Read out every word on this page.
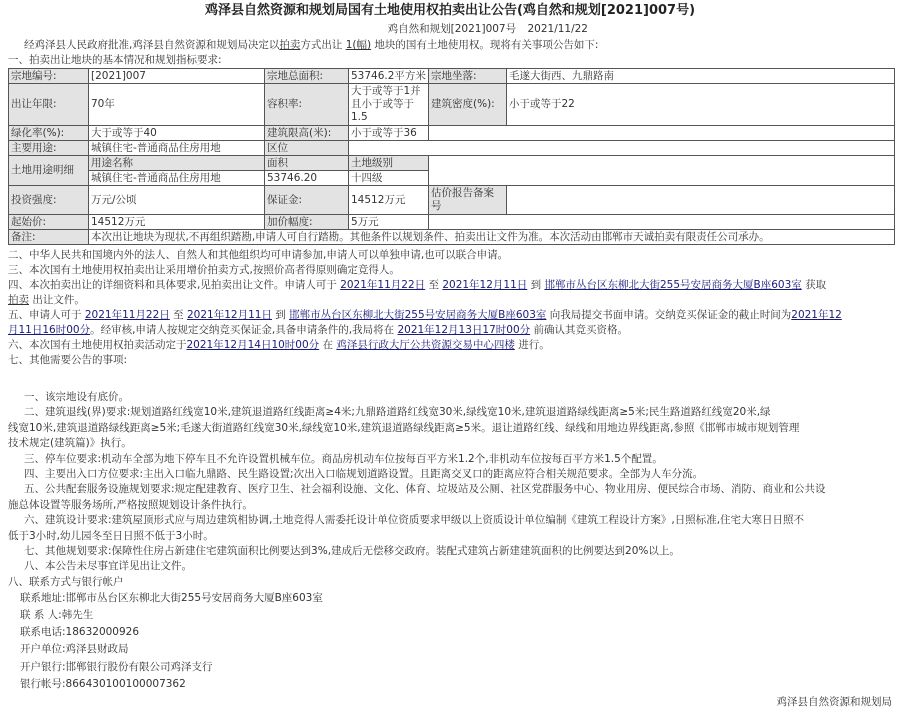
鸡泽县自然资源和规划局国有土地使用权拍卖出让公告(鸡自然和规划[2021]007号)
鸡自然和规划[2021]007号 2021/11/22
经鸡泽县人民政府批准,鸡泽县自然资源和规划局决定以拍卖方式出让 1(幅) 地块的国有土地使用权。现将有关事项公告如下:
一、拍卖出让地块的基本情况和规划指标要求:
宗地编号:	[2021]007	宗地总面积:	53746.2平方米	宗地坐落:	毛遂大街西、九鼎路南
出让年限:	70年	容积率:	大于或等于1并且小于或等于1.5	建筑密度(%):	小于或等于22
绿化率(%):	大于或等于40	建筑限高(米):	小于或等于36		
主要用途:	城镇住宅-普通商品住房用地	区位			
土地用途明细	用途名称	面积	土地级别		
	城镇住宅-普通商品住房用地	53746.20	十四级		
投资强度:	万元/公顷	保证金:	14512万元	估价报告备案号	
起始价:	14512万元	加价幅度:	5万元		
备注:	本次出让地块为现状,不再组织踏勘,申请人可自行踏勘。其他条件以规划条件、拍卖出让文件为准。本次活动由邯郸市天诚拍卖有限责任公司承办。				
二、中华人民共和国境内外的法人、自然人和其他组织均可申请参加,申请人可以单独申请,也可以联合申请。
三、本次国有土地使用权拍卖出让采用增价拍卖方式,按照价高者得原则确定竞得人。
四、本次拍卖出让的详细资料和具体要求,见拍卖出让文件。申请人可于 2021年11月22日 至 2021年12月11日 到 邯郸市丛台区东柳北大街255号安居商务大厦B座603室 获取
拍卖 出让文件。
五、申请人可于 2021年11月22日 至 2021年12月11日 到 邯郸市丛台区东柳北大街255号安居商务大厦B座603室 向我局提交书面申请。交纳竞买保证金的截止时间为2021年12
月11日16时00分。经审核,申请人按规定交纳竞买保证金,具备申请条件的,我局将在 2021年12月13日17时00分 前确认其竞买资格。
六、本次国有土地使用权拍卖活动定于2021年12月14日10时00分 在 鸡泽县行政大厅公共资源交易中心四楼 进行。
七、其他需要公告的事项:
一、该宗地设有底价。
二、建筑退线(界)要求:规划道路红线宽10米,建筑退道路红线距离≥4米;九鼎路道路红线宽30米,绿线宽10米,建筑退道路绿线距离≥5米;民生路道路红线宽20米,绿
线宽10米,建筑退道路绿线距离≥5米;毛遂大街道路红线宽30米,绿线宽10米,建筑退道路绿线距离≥5米。退让道路红线、绿线和用地边界线距离,参照《邯郸市城市规划管理
技术规定(建筑篇)》执行。
三、停车位要求:机动车全部为地下停车且不允许设置机械车位。商品房机动车位按每百平方米1.2个,非机动车位按每百平方米1.5个配置。
四、主要出入口方位要求:主出入口临九鼎路、民生路设置;次出入口临规划道路设置。且距离交叉口的距离应符合相关规范要求。全部为人车分流。
五、公共配套服务设施规划要求:规定配建教育、医疗卫生、社会福利设施、文化、体育、垃圾站及公厕、社区党群服务中心、物业用房、便民综合市场、消防、商业和公共设
施总体设置等服务场所,严格按照规划设计条件执行。
六、建筑设计要求:建筑屋顶形式应与周边建筑相协调,土地竞得人需委托设计单位资质要求甲级以上资质设计单位编制《建筑工程设计方案》,日照标准,住宅大寒日日照不
低于3小时,幼儿园冬至日日照不低于3小时。
七、其他规划要求:保障性住房占新建住宅建筑面积比例要达到3%,建成后无偿移交政府。装配式建筑占新建建筑面积的比例要达到20%以上。
八、本公告未尽事宜详见出让文件。
八、联系方式与银行帐户
联系地址:邯郸市丛台区东柳北大街255号安居商务大厦B座603室
联 系 人:韩先生
联系电话:18632000926
开户单位:鸡泽县财政局
开户银行:邯郸银行股份有限公司鸡泽支行
银行帐号:866430100100007362
鸡泽县自然资源和规划局
